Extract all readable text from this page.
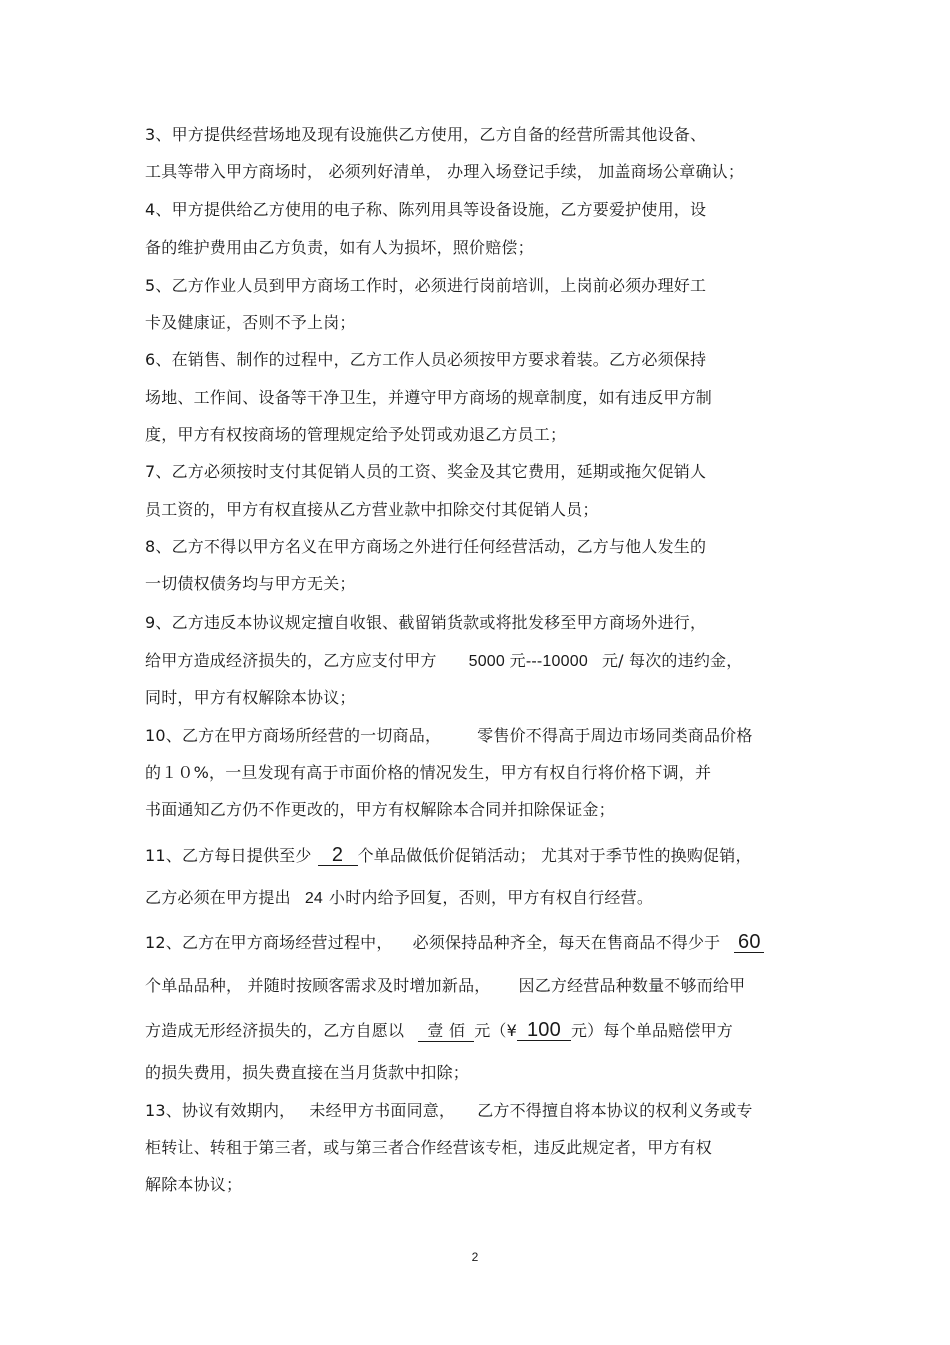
3、甲方提供经营场地及现有设施供乙方使用，乙方自备的经营所需其他设备、
工具等带入甲方商场时， 必须列好清单， 办理入场登记手续， 加盖商场公章确认；
4、甲方提供给乙方使用的电子称、陈列用具等设备设施，乙方要爱护使用，设
备的维护费用由乙方负责，如有人为损坏，照价赔偿；
5、乙方作业人员到甲方商场工作时，必须进行岗前培训，上岗前必须办理好工
卡及健康证，否则不予上岗；
6、在销售、制作的过程中，乙方工作人员必须按甲方要求着装。乙方必须保持
场地、工作间、设备等干净卫生，并遵守甲方商场的规章制度，如有违反甲方制
度，甲方有权按商场的管理规定给予处罚或劝退乙方员工；
7、乙方必须按时支付其促销人员的工资、奖金及其它费用，延期或拖欠促销人
员工资的，甲方有权直接从乙方营业款中扣除交付其促销人员；
8、乙方不得以甲方名义在甲方商场之外进行任何经营活动，乙方与他人发生的
一切债权债务均与甲方无关；
9、乙方违反本协议规定擅自收银、截留销货款或将批发移至甲方商场外进行，
给甲方造成经济损失的，乙方应支付甲方 5000 元---10000 元/ 每次的违约金，
同时，甲方有权解除本协议；
10、乙方在甲方商场所经营的一切商品， 零售价不得高于周边市场同类商品价格
的１０%，一旦发现有高于市面价格的情况发生，甲方有权自行将价格下调，并
书面通知乙方仍不作更改的，甲方有权解除本合同并扣除保证金；
11、乙方每日提供至少 2 个单品做低价促销活动； 尤其对于季节性的换购促销，
乙方必须在甲方提出 24 小时内给予回复，否则，甲方有权自行经营。
12、乙方在甲方商场经营过程中， 必须保持品种齐全，每天在售商品不得少于 60
个单品品种， 并随时按顾客需求及时增加新品， 因乙方经营品种数量不够而给甲
方造成无形经济损失的，乙方自愿以 壹 佰 元（¥ 100 元）每个单品赔偿甲方
的损失费用，损失费直接在当月货款中扣除；
13、协议有效期内， 未经甲方书面同意， 乙方不得擅自将本协议的权利义务或专
柜转让、转租于第三者，或与第三者合作经营该专柜，违反此规定者，甲方有权
解除本协议；
2
